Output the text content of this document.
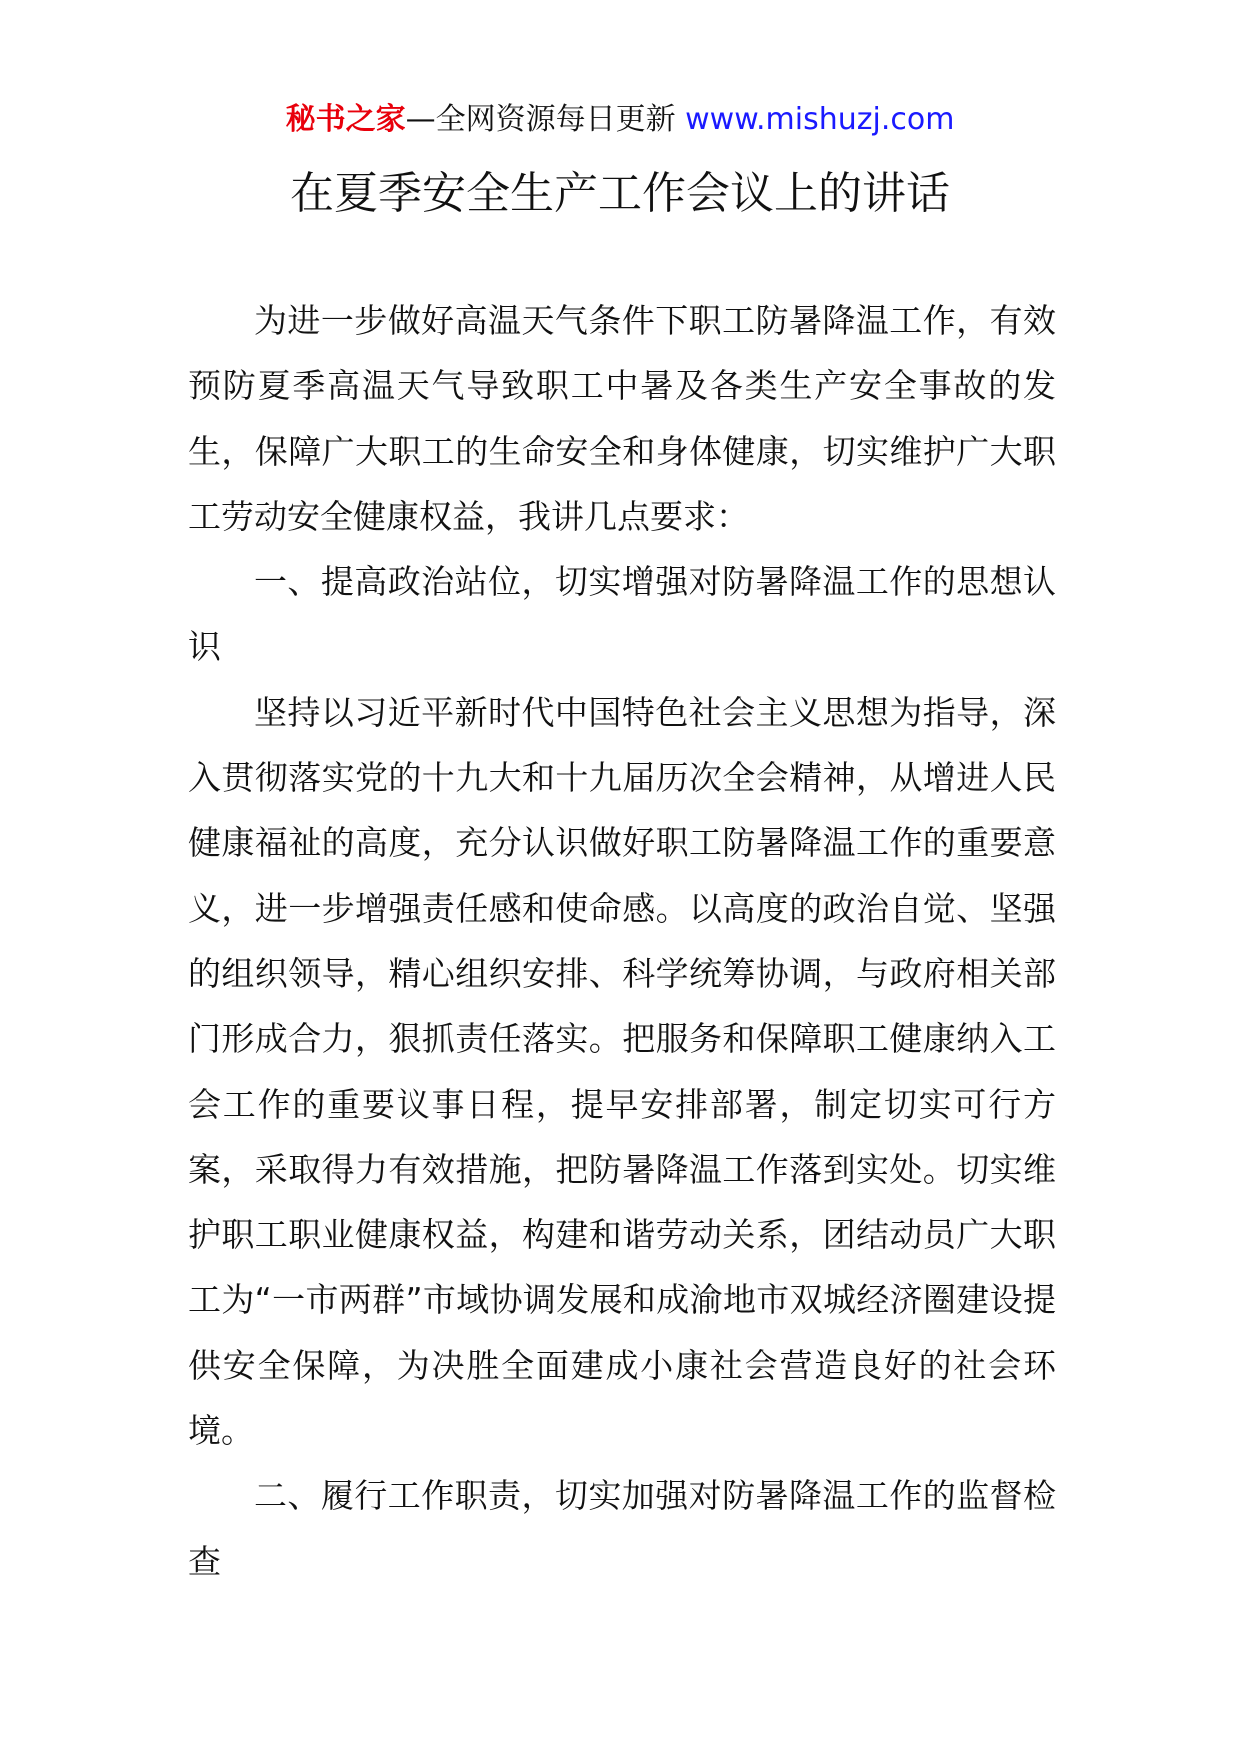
秘书之家—全网资源每日更新 www.mishuzj.com
在夏季安全生产工作会议上的讲话

为进一步做好高温天气条件下职工防暑降温工作，有效预防夏季高温天气导致职工中暑及各类生产安全事故的发生，保障广大职工的生命安全和身体健康，切实维护广大职工劳动安全健康权益，我讲几点要求：

一、提高政治站位，切实增强对防暑降温工作的思想认识

坚持以习近平新时代中国特色社会主义思想为指导，深入贯彻落实党的十九大和十九届历次全会精神，从增进人民健康福祉的高度，充分认识做好职工防暑降温工作的重要意义，进一步增强责任感和使命感。以高度的政治自觉、坚强的组织领导，精心组织安排、科学统筹协调，与政府相关部门形成合力，狠抓责任落实。把服务和保障职工健康纳入工会工作的重要议事日程，提早安排部署，制定切实可行方案，采取得力有效措施，把防暑降温工作落到实处。切实维护职工职业健康权益，构建和谐劳动关系，团结动员广大职工为“一市两群”市域协调发展和成渝地市双城经济圈建设提供安全保障，为决胜全面建成小康社会营造良好的社会环境。

二、履行工作职责，切实加强对防暑降温工作的监督检查
